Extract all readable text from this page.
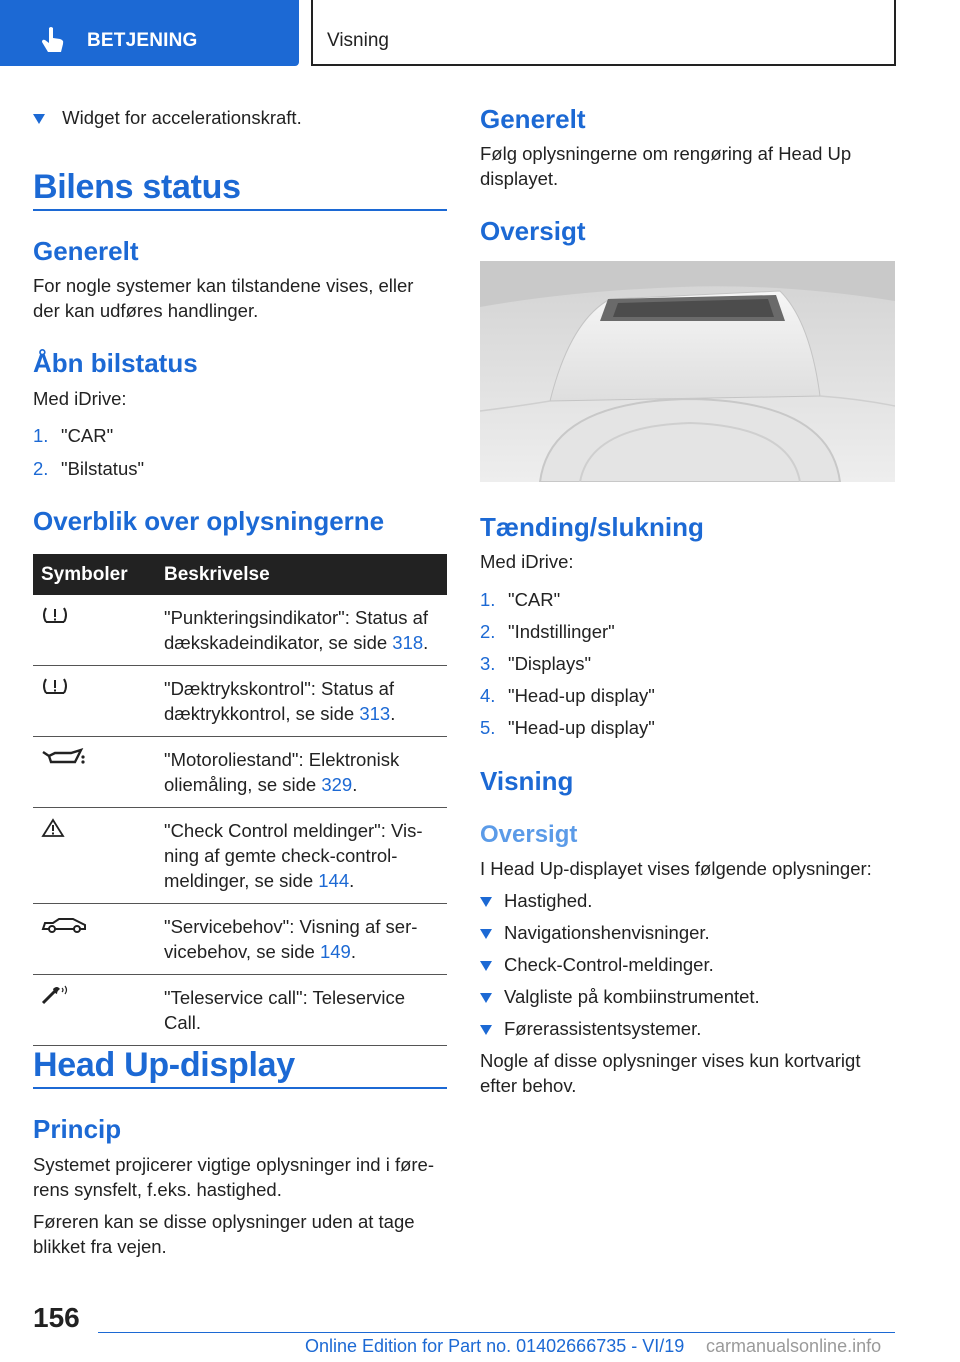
BETJENING	Visning
Widget for accelerationskraft.
Bilens status
Generelt
For nogle systemer kan tilstandene vises, eller
der kan udføres handlinger.
Åbn bilstatus
Med iDrive:
1. "CAR"
2. "Bilstatus"
Overblik over oplysningerne
Symboler	Beskrivelse

"Punkteringsindikator": Status af
dækskadeindikator, se side 318.

"Dæktrykskontrol": Status af
dæktrykkontrol, se side 313.

"Motoroliestand": Elektronisk
oliemåling, se side 329.

"Check Control meldinger": Vis-
ning af gemte check-control-
meldinger, se side 144.

"Servicebehov": Visning af ser-
vicebehov, se side 149.

"Teleservice call": Teleservice
Call.
Head Up-display
Princip
Systemet projicerer vigtige oplysninger ind i føre-
rens synsfelt, f.eks. hastighed.
Føreren kan se disse oplysninger uden at tage
blikket fra vejen.
Generelt
Følg oplysningerne om rengøring af Head Up
displayet.
Oversigt
Tænding/slukning
Med iDrive:
1. "CAR"
2. "Indstillinger"
3. "Displays"
4. "Head-up display"
5. "Head-up display"
Visning
Oversigt
I Head Up-displayet vises følgende oplysninger:
Hastighed.
Navigationshenvisninger.
Check-Control-meldinger.
Valgliste på kombiinstrumentet.
Førerassistentsystemer.
Nogle af disse oplysninger vises kun kortvarigt
efter behov.
156
Online Edition for Part no. 01402666735 - VI/19 carmanualsonline.info
